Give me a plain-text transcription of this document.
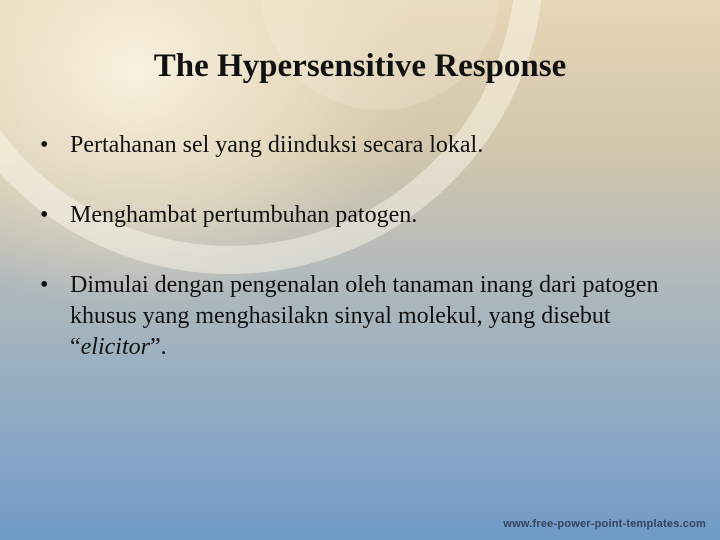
The Hypersensitive Response
• Pertahanan sel yang diinduksi secara lokal.
• Menghambat pertumbuhan patogen.
• Dimulai dengan pengenalan oleh tanaman inang dari patogen khusus yang menghasilakn sinyal molekul, yang disebut “elicitor”.
www.free-power-point-templates.com
